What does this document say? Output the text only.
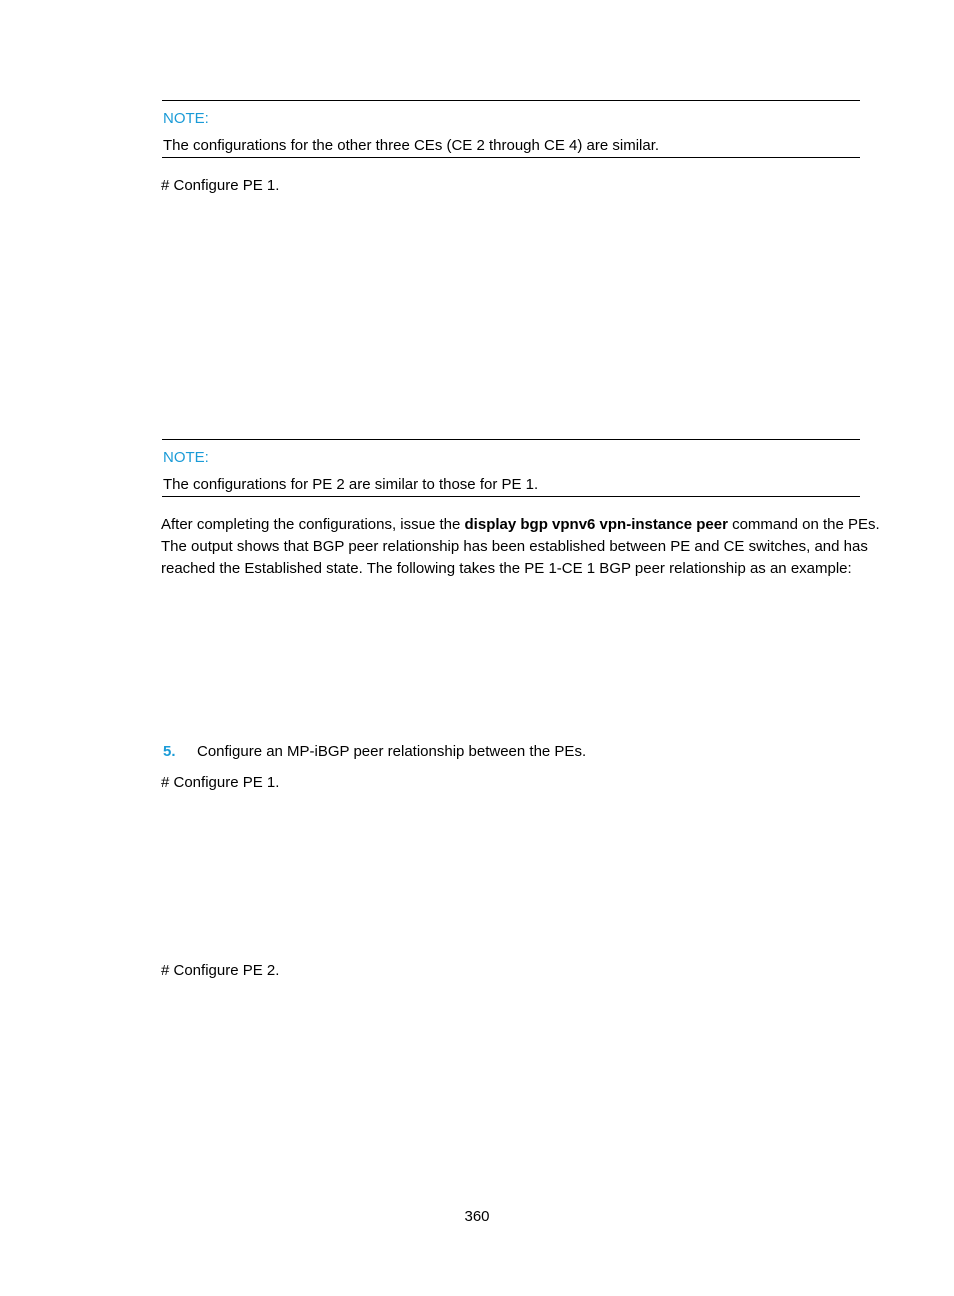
NOTE:
The configurations for the other three CEs (CE 2 through CE 4) are similar.
# Configure PE 1.
NOTE:
The configurations for PE 2 are similar to those for PE 1.
After completing the configurations, issue the display bgp vpnv6 vpn-instance peer command on the PEs.
The output shows that BGP peer relationship has been established between PE and CE switches, and has
reached the Established state. The following takes the PE 1-CE 1 BGP peer relationship as an example:
5. Configure an MP-iBGP peer relationship between the PEs.
# Configure PE 1.
# Configure PE 2.
360
